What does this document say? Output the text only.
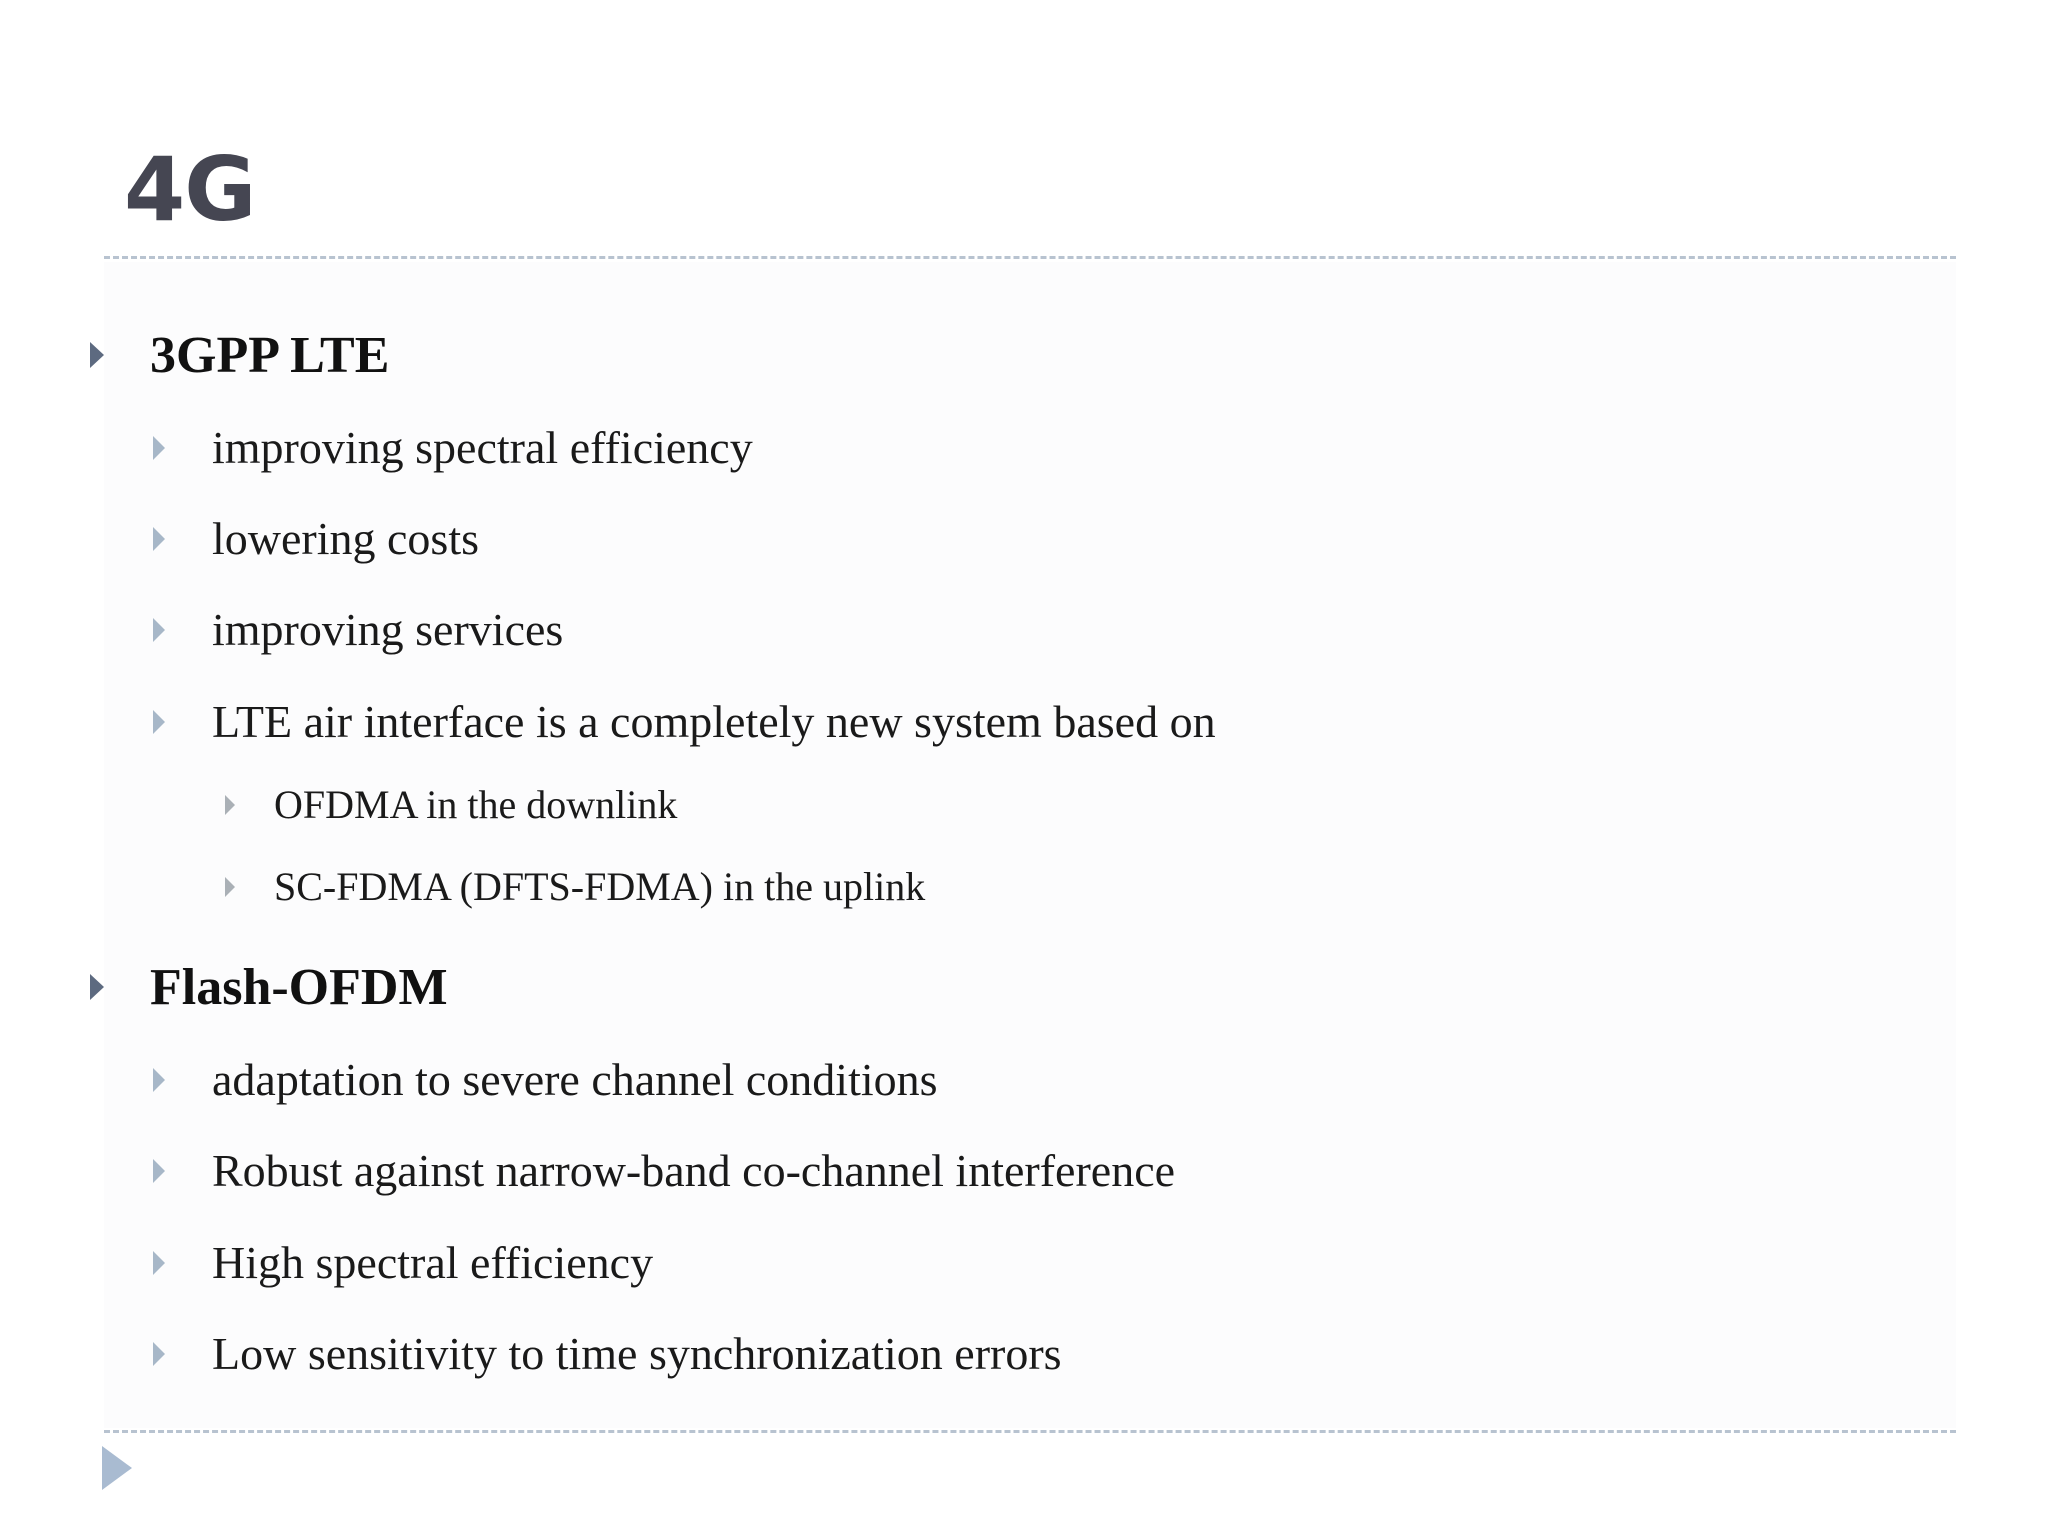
4G
3GPP LTE
improving spectral efficiency
lowering costs
improving services
LTE air interface is a completely new system based on
OFDMA in the downlink
SC-FDMA (DFTS-FDMA) in the uplink
Flash-OFDM
adaptation to severe channel conditions
Robust against narrow-band co-channel interference
High spectral efficiency
Low sensitivity to time synchronization errors
